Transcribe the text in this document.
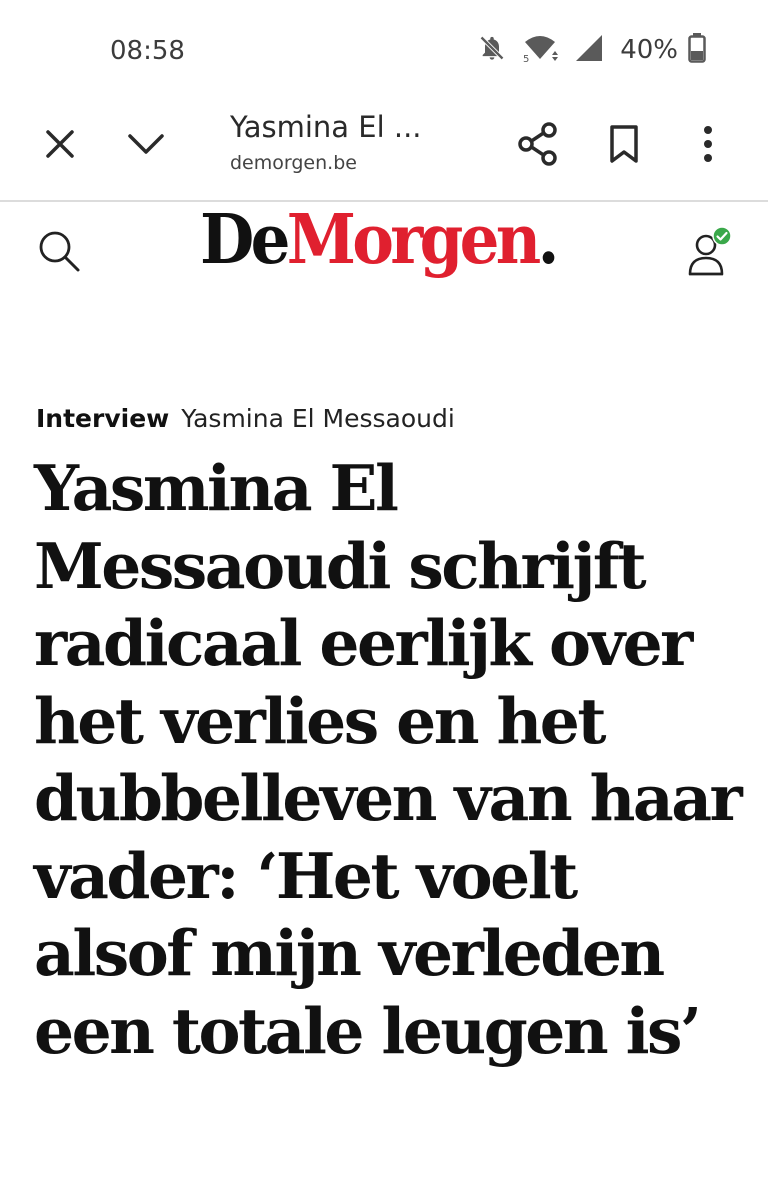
08:58	5	40%
Yasmina El ...
demorgen.be
DeMorgen.
Interview Yasmina El Messaoudi
Yasmina El Messaoudi schrijft radicaal eerlijk over het verlies en het dubbelleven van haar vader: ‘Het voelt alsof mijn verleden een totale leugen is’
